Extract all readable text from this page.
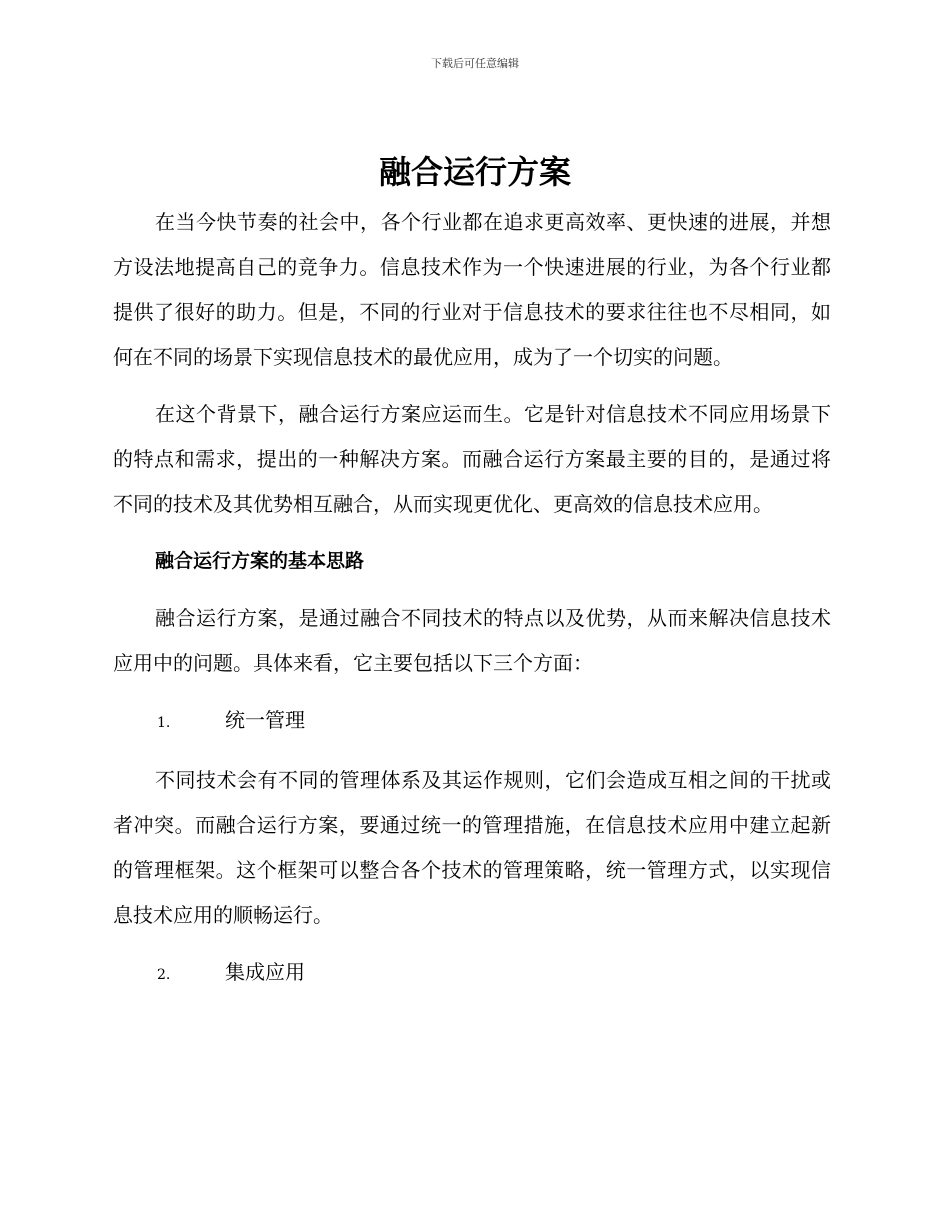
下载后可任意编辑
融合运行方案

在当今快节奏的社会中，各个行业都在追求更高效率、更快速的进展，并想方设法地提高自己的竞争力。信息技术作为一个快速进展的行业，为各个行业都提供了很好的助力。但是，不同的行业对于信息技术的要求往往也不尽相同，如何在不同的场景下实现信息技术的最优应用，成为了一个切实的问题。

在这个背景下，融合运行方案应运而生。它是针对信息技术不同应用场景下的特点和需求，提出的一种解决方案。而融合运行方案最主要的目的，是通过将不同的技术及其优势相互融合，从而实现更优化、更高效的信息技术应用。

融合运行方案的基本思路

融合运行方案，是通过融合不同技术的特点以及优势，从而来解决信息技术应用中的问题。具体来看，它主要包括以下三个方面：

1.	统一管理

不同技术会有不同的管理体系及其运作规则，它们会造成互相之间的干扰或者冲突。而融合运行方案，要通过统一的管理措施，在信息技术应用中建立起新的管理框架。这个框架可以整合各个技术的管理策略，统一管理方式，以实现信息技术应用的顺畅运行。

2.	集成应用
